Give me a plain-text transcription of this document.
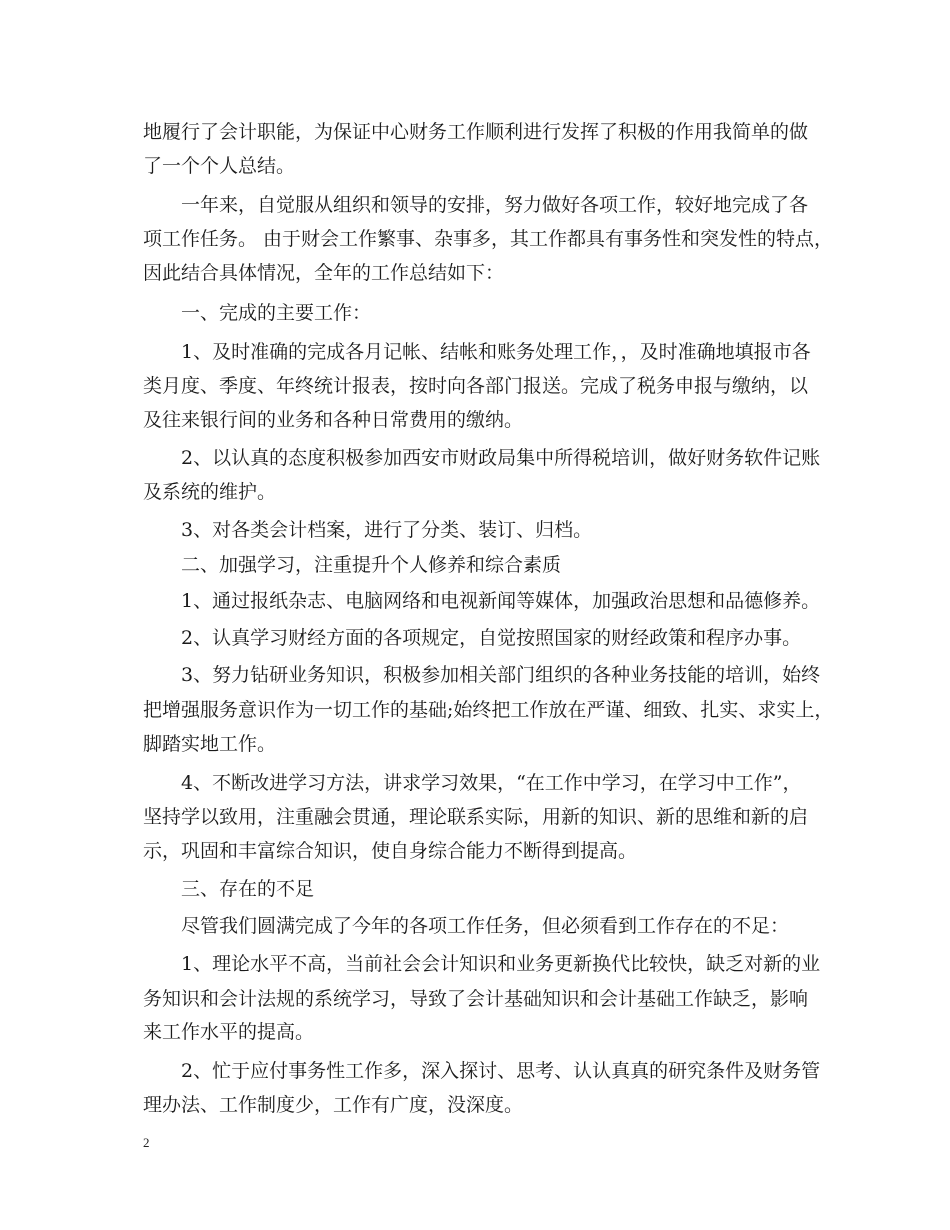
地履行了会计职能，为保证中心财务工作顺利进行发挥了积极的作用我简单的做
了一个个人总结。
一年来，自觉服从组织和领导的安排，努力做好各项工作，较好地完成了各
项工作任务。 由于财会工作繁事、杂事多，其工作都具有事务性和突发性的特点，
因此结合具体情况，全年的工作总结如下：
一、完成的主要工作：
1、及时准确的完成各月记帐、结帐和账务处理工作，，及时准确地填报市各
类月度、季度、年终统计报表，按时向各部门报送。完成了税务申报与缴纳，以
及往来银行间的业务和各种日常费用的缴纳。
2、以认真的态度积极参加西安市财政局集中所得税培训，做好财务软件记账
及系统的维护。
3、对各类会计档案，进行了分类、装订、归档。
二、加强学习，注重提升个人修养和综合素质
1、通过报纸杂志、电脑网络和电视新闻等媒体，加强政治思想和品德修养。
2、认真学习财经方面的各项规定，自觉按照国家的财经政策和程序办事。
3、努力钻研业务知识，积极参加相关部门组织的各种业务技能的培训，始终
把增强服务意识作为一切工作的基础;始终把工作放在严谨、细致、扎实、求实上，
脚踏实地工作。
4、不断改进学习方法，讲求学习效果，“在工作中学习，在学习中工作”，
坚持学以致用，注重融会贯通，理论联系实际，用新的知识、新的思维和新的启
示，巩固和丰富综合知识，使自身综合能力不断得到提高。
三、存在的不足
尽管我们圆满完成了今年的各项工作任务，但必须看到工作存在的不足：
1、理论水平不高，当前社会会计知识和业务更新换代比较快，缺乏对新的业
务知识和会计法规的系统学习，导致了会计基础知识和会计基础工作缺乏，影响
来工作水平的提高。
2、忙于应付事务性工作多，深入探讨、思考、认认真真的研究条件及财务管
理办法、工作制度少，工作有广度，没深度。
2
